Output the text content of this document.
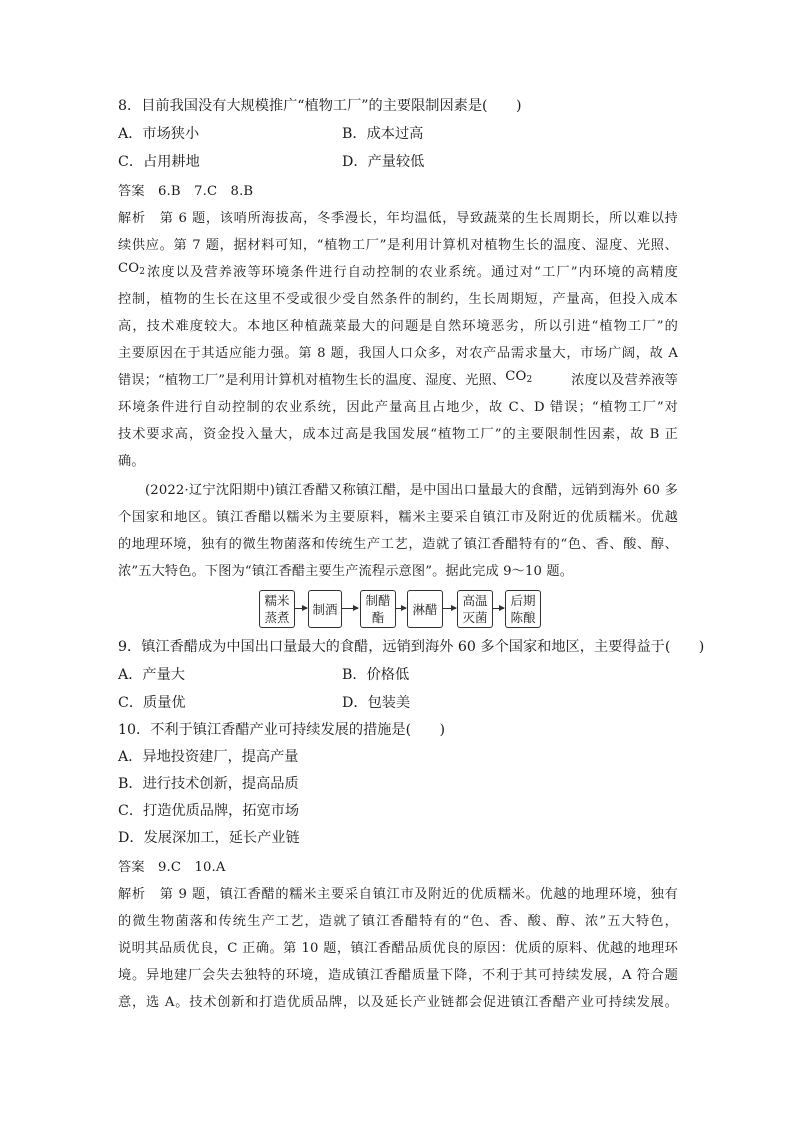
8．目前我国没有大规模推广“植物工厂”的主要限制因素是(　　)
A．市场狭小	B．成本过高
C．占用耕地	D．产量较低
答案　6.B　7.C　8.B
解析　第 6 题，该哨所海拔高，冬季漫长，年均温低，导致蔬菜的生长周期长，所以难以持
续供应。第 7 题，据材料可知，“植物工厂”是利用计算机对植物生长的温度、湿度、光照、
$CO_2$ 浓度以及营养液等环境条件进行自动控制的农业系统。通过对“工厂”内环境的高精度
控制，植物的生长在这里不受或很少受自然条件的制约，生长周期短，产量高，但投入成本
高，技术难度较大。本地区种植蔬菜最大的问题是自然环境恶劣，所以引进“植物工厂”的
主要原因在于其适应能力强。第 8 题，我国人口众多，对农产品需求量大，市场广阔，故 A
错误；“植物工厂”是利用计算机对植物生长的温度、湿度、光照、 $CO_2$	浓度以及营养液等
环境条件进行自动控制的农业系统，因此产量高且占地少，故 C、D 错误；“植物工厂”对
技术要求高，资金投入量大，成本过高是我国发展“植物工厂”的主要限制性因素，故 B 正
确。
(2022·辽宁沈阳期中)镇江香醋又称镇江醋，是中国出口量最大的食醋，远销到海外 60 多
个国家和地区。镇江香醋以糯米为主要原料，糯米主要采自镇江市及附近的优质糯米。优越
的地理环境，独有的微生物菌落和传统生产工艺，造就了镇江香醋特有的“色、香、酸、醇、
浓”五大特色。下图为“镇江香醋主要生产流程示意图”。据此完成 9～10 题。
糯米蒸煮
制酒
制醋酯
淋醋
高温灭菌
后期陈酿
9．镇江香醋成为中国出口量最大的食醋，远销到海外 60 多个国家和地区，主要得益于(　　)
A．产量大	B．价格低
C．质量优	D．包装美
10．不利于镇江香醋产业可持续发展的措施是(　　)
A．异地投资建厂，提高产量
B．进行技术创新，提高品质
C．打造优质品牌，拓宽市场
D．发展深加工，延长产业链
答案　9.C　10.A
解析　第 9 题，镇江香醋的糯米主要采自镇江市及附近的优质糯米。优越的地理环境，独有
的微生物菌落和传统生产工艺，造就了镇江香醋特有的“色、香、酸、醇、浓”五大特色，
说明其品质优良，C 正确。第 10 题，镇江香醋品质优良的原因：优质的原料、优越的地理环
境。异地建厂会失去独特的环境，造成镇江香醋质量下降，不利于其可持续发展，A 符合题
意，选 A。技术创新和打造优质品牌，以及延长产业链都会促进镇江香醋产业可持续发展。
